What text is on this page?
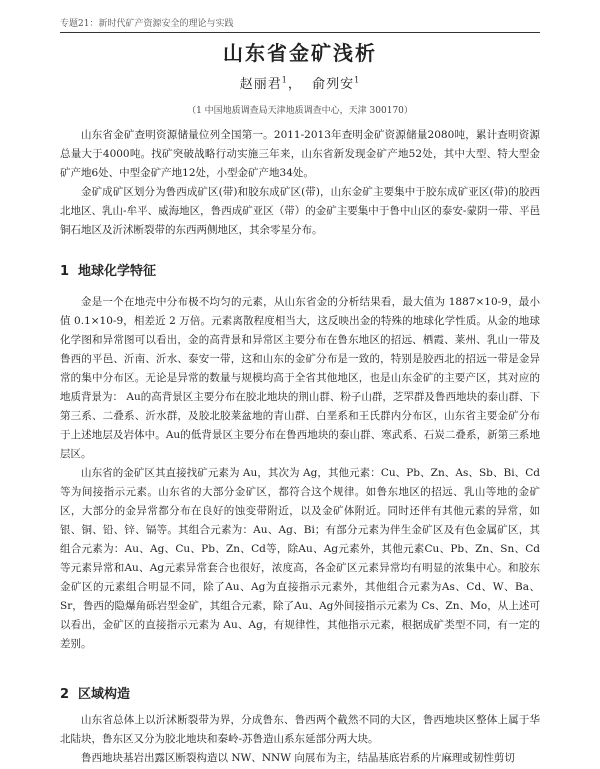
专题21：新时代矿产资源安全的理论与实践
山东省金矿浅析
赵丽君$^1$，  俞列安$^1$
（1 中国地质调查局天津地质调查中心，天津 300170）

山东省金矿查明资源储量位列全国第一。2011-2013年查明金矿资源储量2080吨，累计查明资源总量大于4000吨。找矿突破战略行动实施三年来，山东省新发现金矿产地52处，其中大型、特大型金矿产地6处、中型金矿产地12处，小型金矿产地34处。

金矿成矿区划分为鲁西成矿区(带)和胶东成矿区(带)，山东金矿主要集中于胶东成矿亚区(带)的胶西北地区、乳山-牟平、威海地区，鲁西成矿亚区（带）的金矿主要集中于鲁中山区的泰安-蒙阴一带、平邑铜石地区及沂沭断裂带的东西两侧地区，其余零星分布。

1 地球化学特征

金是一个在地壳中分布极不均匀的元素，从山东省金的分析结果看，最大值为 1887×10-9，最小值 0.1×10-9，相差近 2 万倍。元素离散程度相当大，这反映出金的特殊的地球化学性质。从金的地球化学图和异常图可以看出，金的高背景和异常区主要分布在鲁东地区的招远、栖霞、莱州、乳山一带及鲁西的平邑、沂南、沂水、泰安一带，这和山东的金矿分布是一致的，特别是胶西北的招远一带是金异常的集中分布区。无论是异常的数量与规模均高于全省其他地区，也是山东金矿的主要产区，其对应的地质背景为： Au的高背景区主要分布在胶北地块的荆山群、粉子山群，芝罘群及鲁西地块的泰山群、下第三系、二叠系、沂水群，及胶北胶莱盆地的青山群、白垩系和王氏群内分布区，山东省主要金矿分布于上述地层及岩体中。Au的低背景区主要分布在鲁西地块的泰山群、寒武系、石炭二叠系，新第三系地层区。

山东省的金矿区其直接找矿元素为 Au，其次为 Ag，其他元素：Cu、Pb、Zn、As、Sb、Bi、Cd等为间接指示元素。山东省的大部分金矿区，都符合这个规律。如鲁东地区的招远、乳山等地的金矿区，大部分的金异常都分布在良好的蚀变带附近，以及金矿体附近。同时还伴有其他元素的异常，如银、铜、铅、锌、镉等。其组合元素为：Au、Ag、Bi；有部分元素为伴生金矿区及有色金属矿区，其组合元素为：Au、Ag、Cu、Pb、Zn、Cd等，除Au、Ag元素外，其他元素Cu、Pb、Zn、Sn、Cd等元素异常和Au、Ag元素异常套合也很好，浓度高，各金矿区元素异常均有明显的浓集中心。和胶东金矿区的元素组合明显不同，除了Au、Ag为直接指示元素外，其他组合元素为As、Cd、W、Ba、Sr，鲁西的隐爆角砾岩型金矿，其组合元素，除了Au、Ag外间接指示元素为 Cs、Zn、Mo，从上述可以看出，金矿区的直接指示元素为 Au、Ag，有规律性，其他指示元素，根据成矿类型不同，有一定的差别。

2 区域构造

山东省总体上以沂沭断裂带为界，分成鲁东、鲁西两个截然不同的大区，鲁西地块区整体上属于华北陆块，鲁东区又分为胶北地块和秦岭-苏鲁造山系东延部分两大块。

鲁西地块基岩出露区断裂构造以 NW、NNW 向展布为主，结晶基底岩系的片麻理或韧性剪切
